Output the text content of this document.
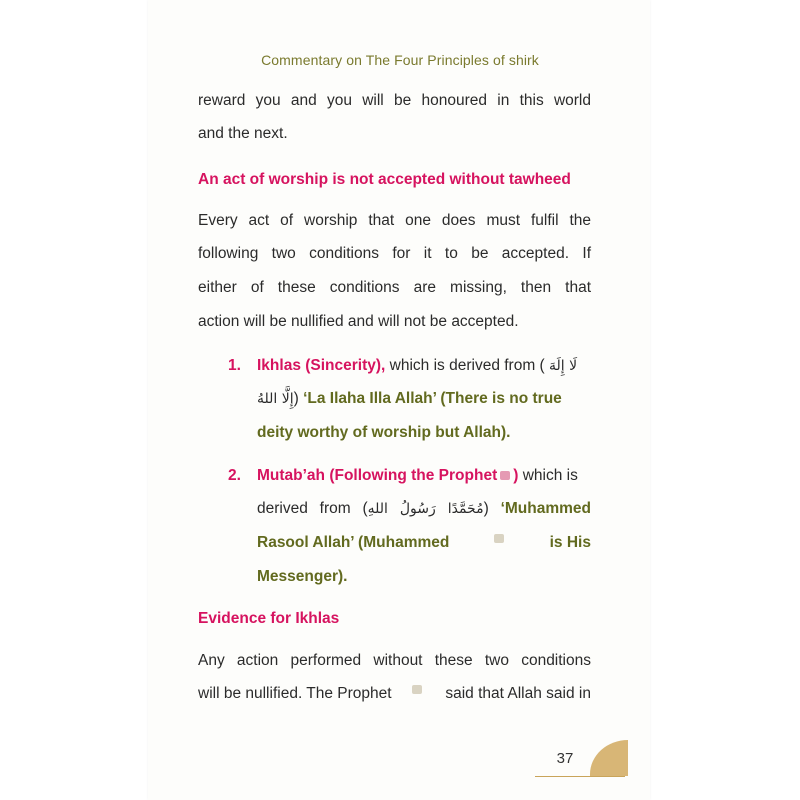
Commentary on The Four Principles of shirk
reward you and you will be honoured in this world
and the next.
An act of worship is not accepted without tawheed
Every act of worship that one does must fulfil the
following two conditions for it to be accepted. If
either of these conditions are missing, then that
action will be nullified and will not be accepted.
1. Ikhlas (Sincerity), which is derived from ( لَا إِلَهَ
إِلَّا اللهُ) ‘La Ilaha Illa Allah’ (There is no true
deity worthy of worship but Allah).
2. Mutab’ah (Following the Prophet ) which is
derived from (مُحَمَّدًا رَسُولُ اللهِ) ‘Muhammed
Rasool Allah’ (Muhammed	is His
Messenger).
Evidence for Ikhlas
Any action performed without these two conditions
will be nullified. The Prophet	said that Allah said in
37
